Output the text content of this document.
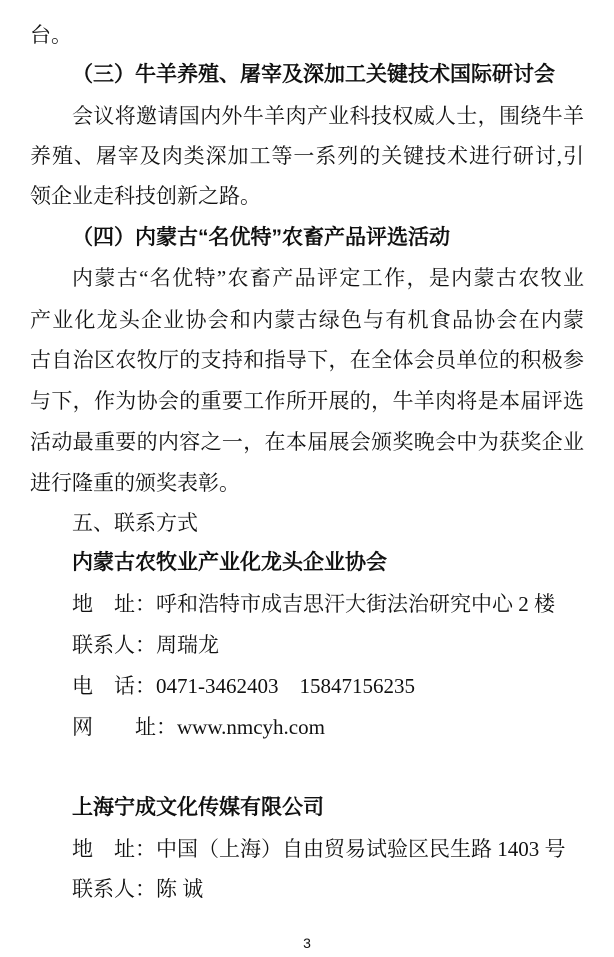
台。
（三）牛羊养殖、屠宰及深加工关键技术国际研讨会
会议将邀请国内外牛羊肉产业科技权威人士，围绕牛羊
养殖、屠宰及肉类深加工等一系列的关键技术进行研讨,引
领企业走科技创新之路。
（四）内蒙古“名优特”农畜产品评选活动
内蒙古“名优特”农畜产品评定工作，是内蒙古农牧业
产业化龙头企业协会和内蒙古绿色与有机食品协会在内蒙
古自治区农牧厅的支持和指导下，在全体会员单位的积极参
与下，作为协会的重要工作所开展的，牛羊肉将是本届评选
活动最重要的内容之一，在本届展会颁奖晚会中为获奖企业
进行隆重的颁奖表彰。
五、联系方式
内蒙古农牧业产业化龙头企业协会
地　址：呼和浩特市成吉思汗大街法治研究中心 2 楼
联系人：周瑞龙
电　话：0471-3462403　15847156235
网　　址：www.nmcyh.com
上海宁成文化传媒有限公司
地　址：中国（上海）自由贸易试验区民生路 1403 号
联系人：陈 诚
3
